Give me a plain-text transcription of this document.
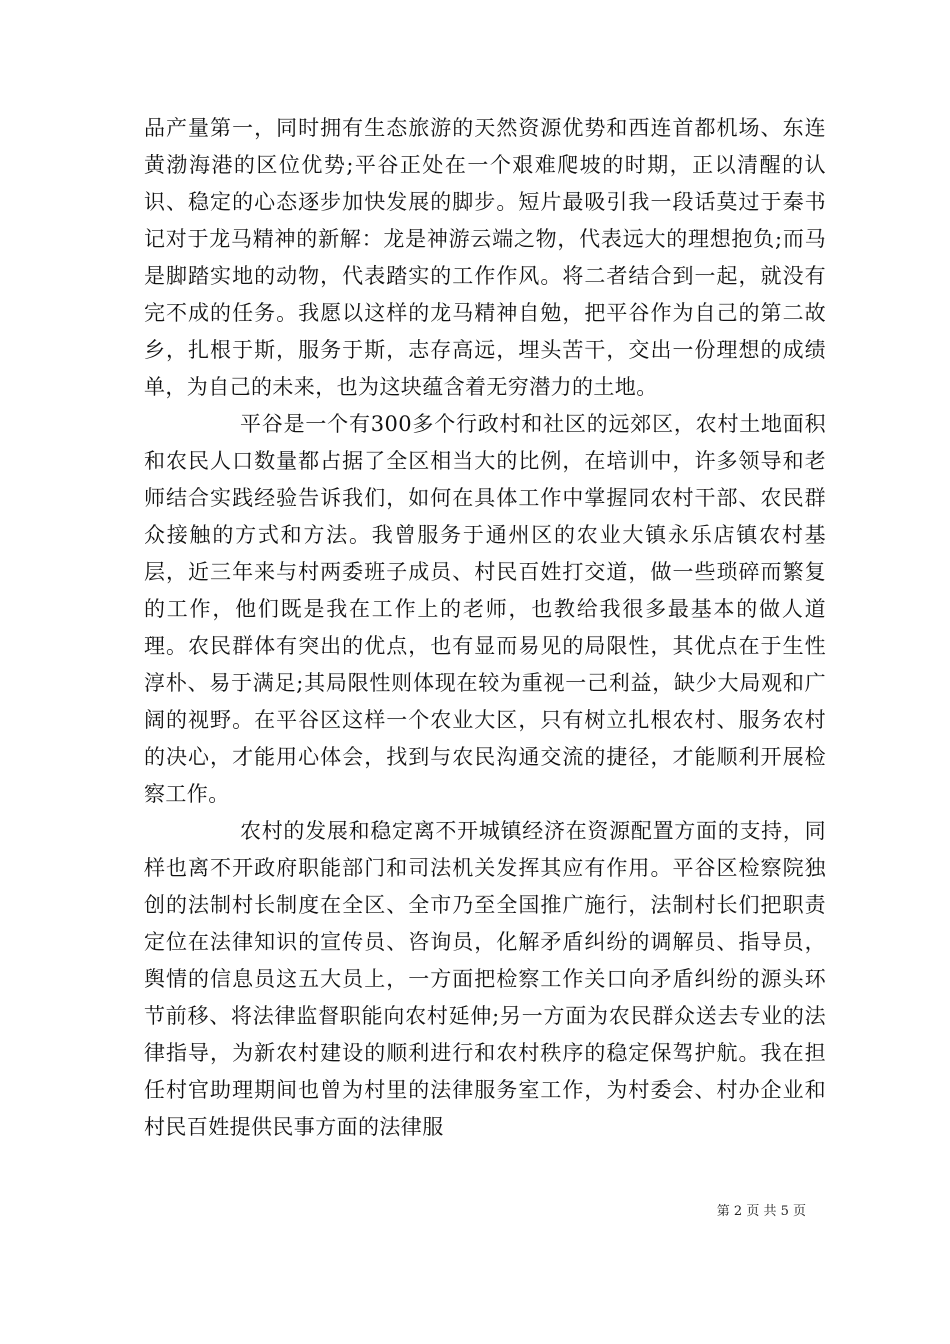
品产量第一，同时拥有生态旅游的天然资源优势和西连首都机场、东连黄渤海港的区位优势;平谷正处在一个艰难爬坡的时期，正以清醒的认识、稳定的心态逐步加快发展的脚步。短片最吸引我一段话莫过于秦书记对于龙马精神的新解：龙是神游云端之物，代表远大的理想抱负;而马是脚踏实地的动物，代表踏实的工作作风。将二者结合到一起，就没有完不成的任务。我愿以这样的龙马精神自勉，把平谷作为自己的第二故乡，扎根于斯，服务于斯，志存高远，埋头苦干，交出一份理想的成绩单，为自己的未来，也为这块蕴含着无穷潜力的土地。

平谷是一个有300多个行政村和社区的远郊区，农村土地面积和农民人口数量都占据了全区相当大的比例，在培训中，许多领导和老师结合实践经验告诉我们，如何在具体工作中掌握同农村干部、农民群众接触的方式和方法。我曾服务于通州区的农业大镇永乐店镇农村基层，近三年来与村两委班子成员、村民百姓打交道，做一些琐碎而繁复的工作，他们既是我在工作上的老师，也教给我很多最基本的做人道理。农民群体有突出的优点，也有显而易见的局限性，其优点在于生性淳朴、易于满足;其局限性则体现在较为重视一己利益，缺少大局观和广阔的视野。在平谷区这样一个农业大区，只有树立扎根农村、服务农村的决心，才能用心体会，找到与农民沟通交流的捷径，才能顺利开展检察工作。

农村的发展和稳定离不开城镇经济在资源配置方面的支持，同样也离不开政府职能部门和司法机关发挥其应有作用。平谷区检察院独创的法制村长制度在全区、全市乃至全国推广施行，法制村长们把职责定位在法律知识的宣传员、咨询员，化解矛盾纠纷的调解员、指导员，舆情的信息员这五大员上，一方面把检察工作关口向矛盾纠纷的源头环节前移、将法律监督职能向农村延伸;另一方面为农民群众送去专业的法律指导，为新农村建设的顺利进行和农村秩序的稳定保驾护航。我在担任村官助理期间也曾为村里的法律服务室工作，为村委会、村办企业和村民百姓提供民事方面的法律服

第 2 页 共 5 页
